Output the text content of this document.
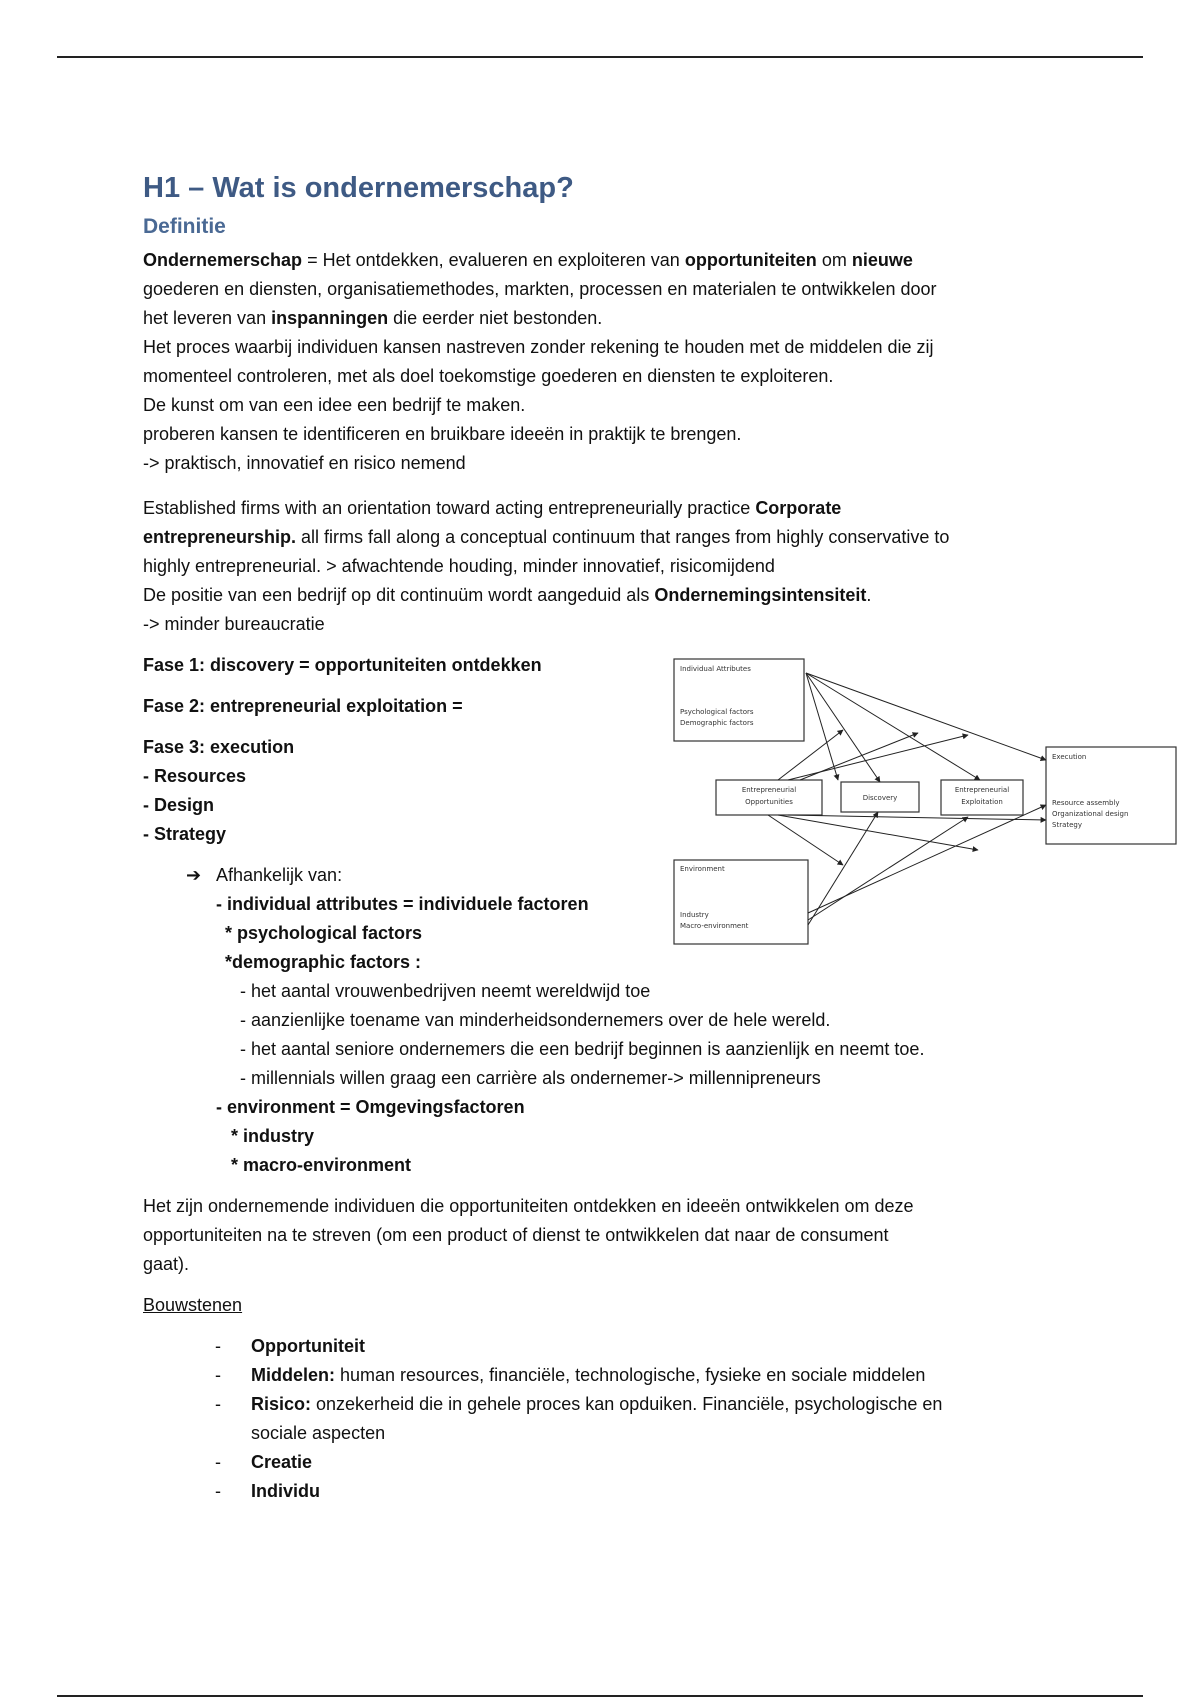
H1 – Wat is ondernemerschap?
Definitie

Ondernemerschap = Het ontdekken, evalueren en exploiteren van opportuniteiten om nieuwe

goederen en diensten, organisatiemethodes, markten, processen en materialen te ontwikkelen door

het leveren van inspanningen die eerder niet bestonden.

Het proces waarbij individuen kansen nastreven zonder rekening te houden met de middelen die zij

momenteel controleren, met als doel toekomstige goederen en diensten te exploiteren.

De kunst om van een idee een bedrijf te maken.

proberen kansen te identificeren en bruikbare ideeën in praktijk te brengen.

-> praktisch, innovatief en risico nemend

Established firms with an orientation toward acting entrepreneurially practice Corporate

entrepreneurship. all firms fall along a conceptual continuum that ranges from highly conservative to

highly entrepreneurial. > afwachtende houding, minder innovatief, risicomijdend

De positie van een bedrijf op dit continuüm wordt aangeduid als Ondernemingsintensiteit.

-> minder bureaucratie

Fase 1: discovery = opportuniteiten ontdekken

Fase 2: entrepreneurial exploitation =

Fase 3: execution

- Resources

- Design

- Strategy

➔ Afhankelijk van:

- individual attributes = individuele factoren

* psychological factors

*demographic factors :

- het aantal vrouwenbedrijven neemt wereldwijd toe

- aanzienlijke toename van minderheidsondernemers over de hele wereld.

- het aantal seniore ondernemers die een bedrijf beginnen is aanzienlijk en neemt toe.

- millennials willen graag een carrière als ondernemer-> millennipreneurs

- environment = Omgevingsfactoren

* industry

* macro-environment

Het zijn ondernemende individuen die opportuniteiten ontdekken en ideeën ontwikkelen om deze

opportuniteiten na te streven (om een product of dienst te ontwikkelen dat naar de consument

gaat).

Bouwstenen

- Opportuniteit
- Middelen: human resources, financiële, technologische, fysieke en sociale middelen
- Risico: onzekerheid die in gehele proces kan opduiken. Financiële, psychologische en
sociale aspecten
- Creatie
- Individu
Individual Attributes
Psychological factors
Demographic factors
Entrepreneurial
Opportunities	Discovery
Entrepreneurial
Exploitation
Execution
Resource assembly
Organizational design
Strategy
Environment
Industry
Macro-environment
